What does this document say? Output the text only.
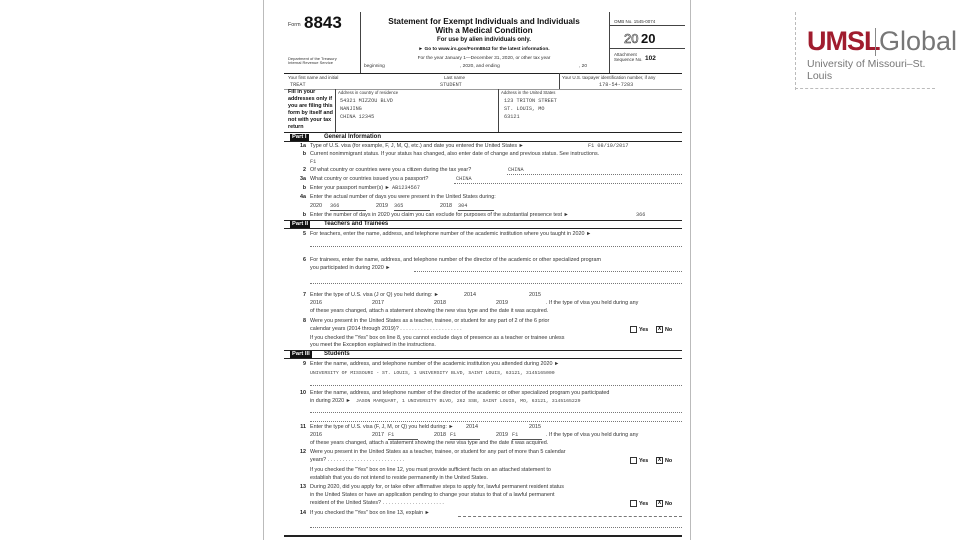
UMSL Global
University of Missouri–St. Louis
Form 8843
Department of the Treasury
Internal Revenue Service
Statement for Exempt Individuals and Individuals
With a Medical Condition
For use by alien individuals only.
► Go to www.irs.gov/Form8843 for the latest information.
For the year January 1—December 31, 2020, or other tax year
beginning	, 2020, and ending	, 20
OMB No. 1545-0074
20 20
Attachment
Sequence No. 102
Your first name and initial
TREAT
Last name
STUDENT
Your U.S. taxpayer identification number, if any
178-54-7283
Fill in your
addresses only if
you are filing this
form by itself and
not with your tax
return
Address in country of residence
54321 MIZZOU BLVD
NANJING
CHINA 12345
Address in the United States
123 TRITON STREET
ST. LOUIS, MO
63121
Part I	General Information
1a Type of U.S. visa (for example, F, J, M, Q, etc.) and date you entered the United States ►	F1 08/10/2017
b Current nonimmigrant status. If your status has changed, also enter date of change and previous status. See instructions.
F1
2 Of what country or countries were you a citizen during the tax year?	CHINA
3a What country or countries issued you a passport?	CHINA
b Enter your passport number(s) ► AB1234567
4a Enter the actual number of days you were present in the United States during:
2020 366	2019 365	2018 304
b Enter the number of days in 2020 you claim you can exclude for purposes of the substantial presence test ►	366
Part II	Teachers and Trainees
5 For teachers, enter the name, address, and telephone number of the academic institution where you taught in 2020 ►
6 For trainees, enter the name, address, and telephone number of the director of the academic or other specialized program
you participated in during 2020 ►
7 Enter the type of U.S. visa (J or Q) you held during: ►	2014	2015
2016	2017	2018	2019	. If the type of visa you held during any
of these years changed, attach a statement showing the new visa type and the date it was acquired.
8 Were you present in the United States as a teacher, trainee, or student for any part of 2 of the 6 prior
calendar years (2014 through 2019)? . . . . . . . . . . . . . . . . . . . . .	Yes	X No
If you checked the "Yes" box on line 8, you cannot exclude days of presence as a teacher or trainee unless
you meet the Exception explained in the instructions.
Part III	Students
9 Enter the name, address, and telephone number of the academic institution you attended during 2020 ►
UNIVERSITY OF MISSOURI - ST. LOUIS, 1 UNIVERSITY BLVD, SAINT LOUIS, 63121, 3145165000
10 Enter the name, address, and telephone number of the director of the academic or other specialized program you participated
in during 2020 ► JASON MARQUART, 1 UNIVERSITY BLVD, 262 SSB, SAINT LOUIS, MO, 63121, 3145165229
11 Enter the type of U.S. visa (F, J, M, or Q) you held during: ► 2014	2015
2016	2017 F1	2018 F1	2019 F1	. If the type of visa you held during any
of these years changed, attach a statement showing the new visa type and the date it was acquired.
12 Were you present in the United States as a teacher, trainee, or student for any part of more than 5 calendar
years? . . . . . . . . . . . . . . . . . . . . . . . . . .	Yes	X No
If you checked the "Yes" box on line 12, you must provide sufficient facts on an attached statement to
establish that you do not intend to reside permanently in the United States.
13 During 2020, did you apply for, or take other affirmative steps to apply for, lawful permanent resident status
in the United States or have an application pending to change your status to that of a lawful permanent
resident of the United States? . . . . . . . . . . . . . . . . . . . . .	Yes	X No
14 If you checked the "Yes" box on line 13, explain ►
